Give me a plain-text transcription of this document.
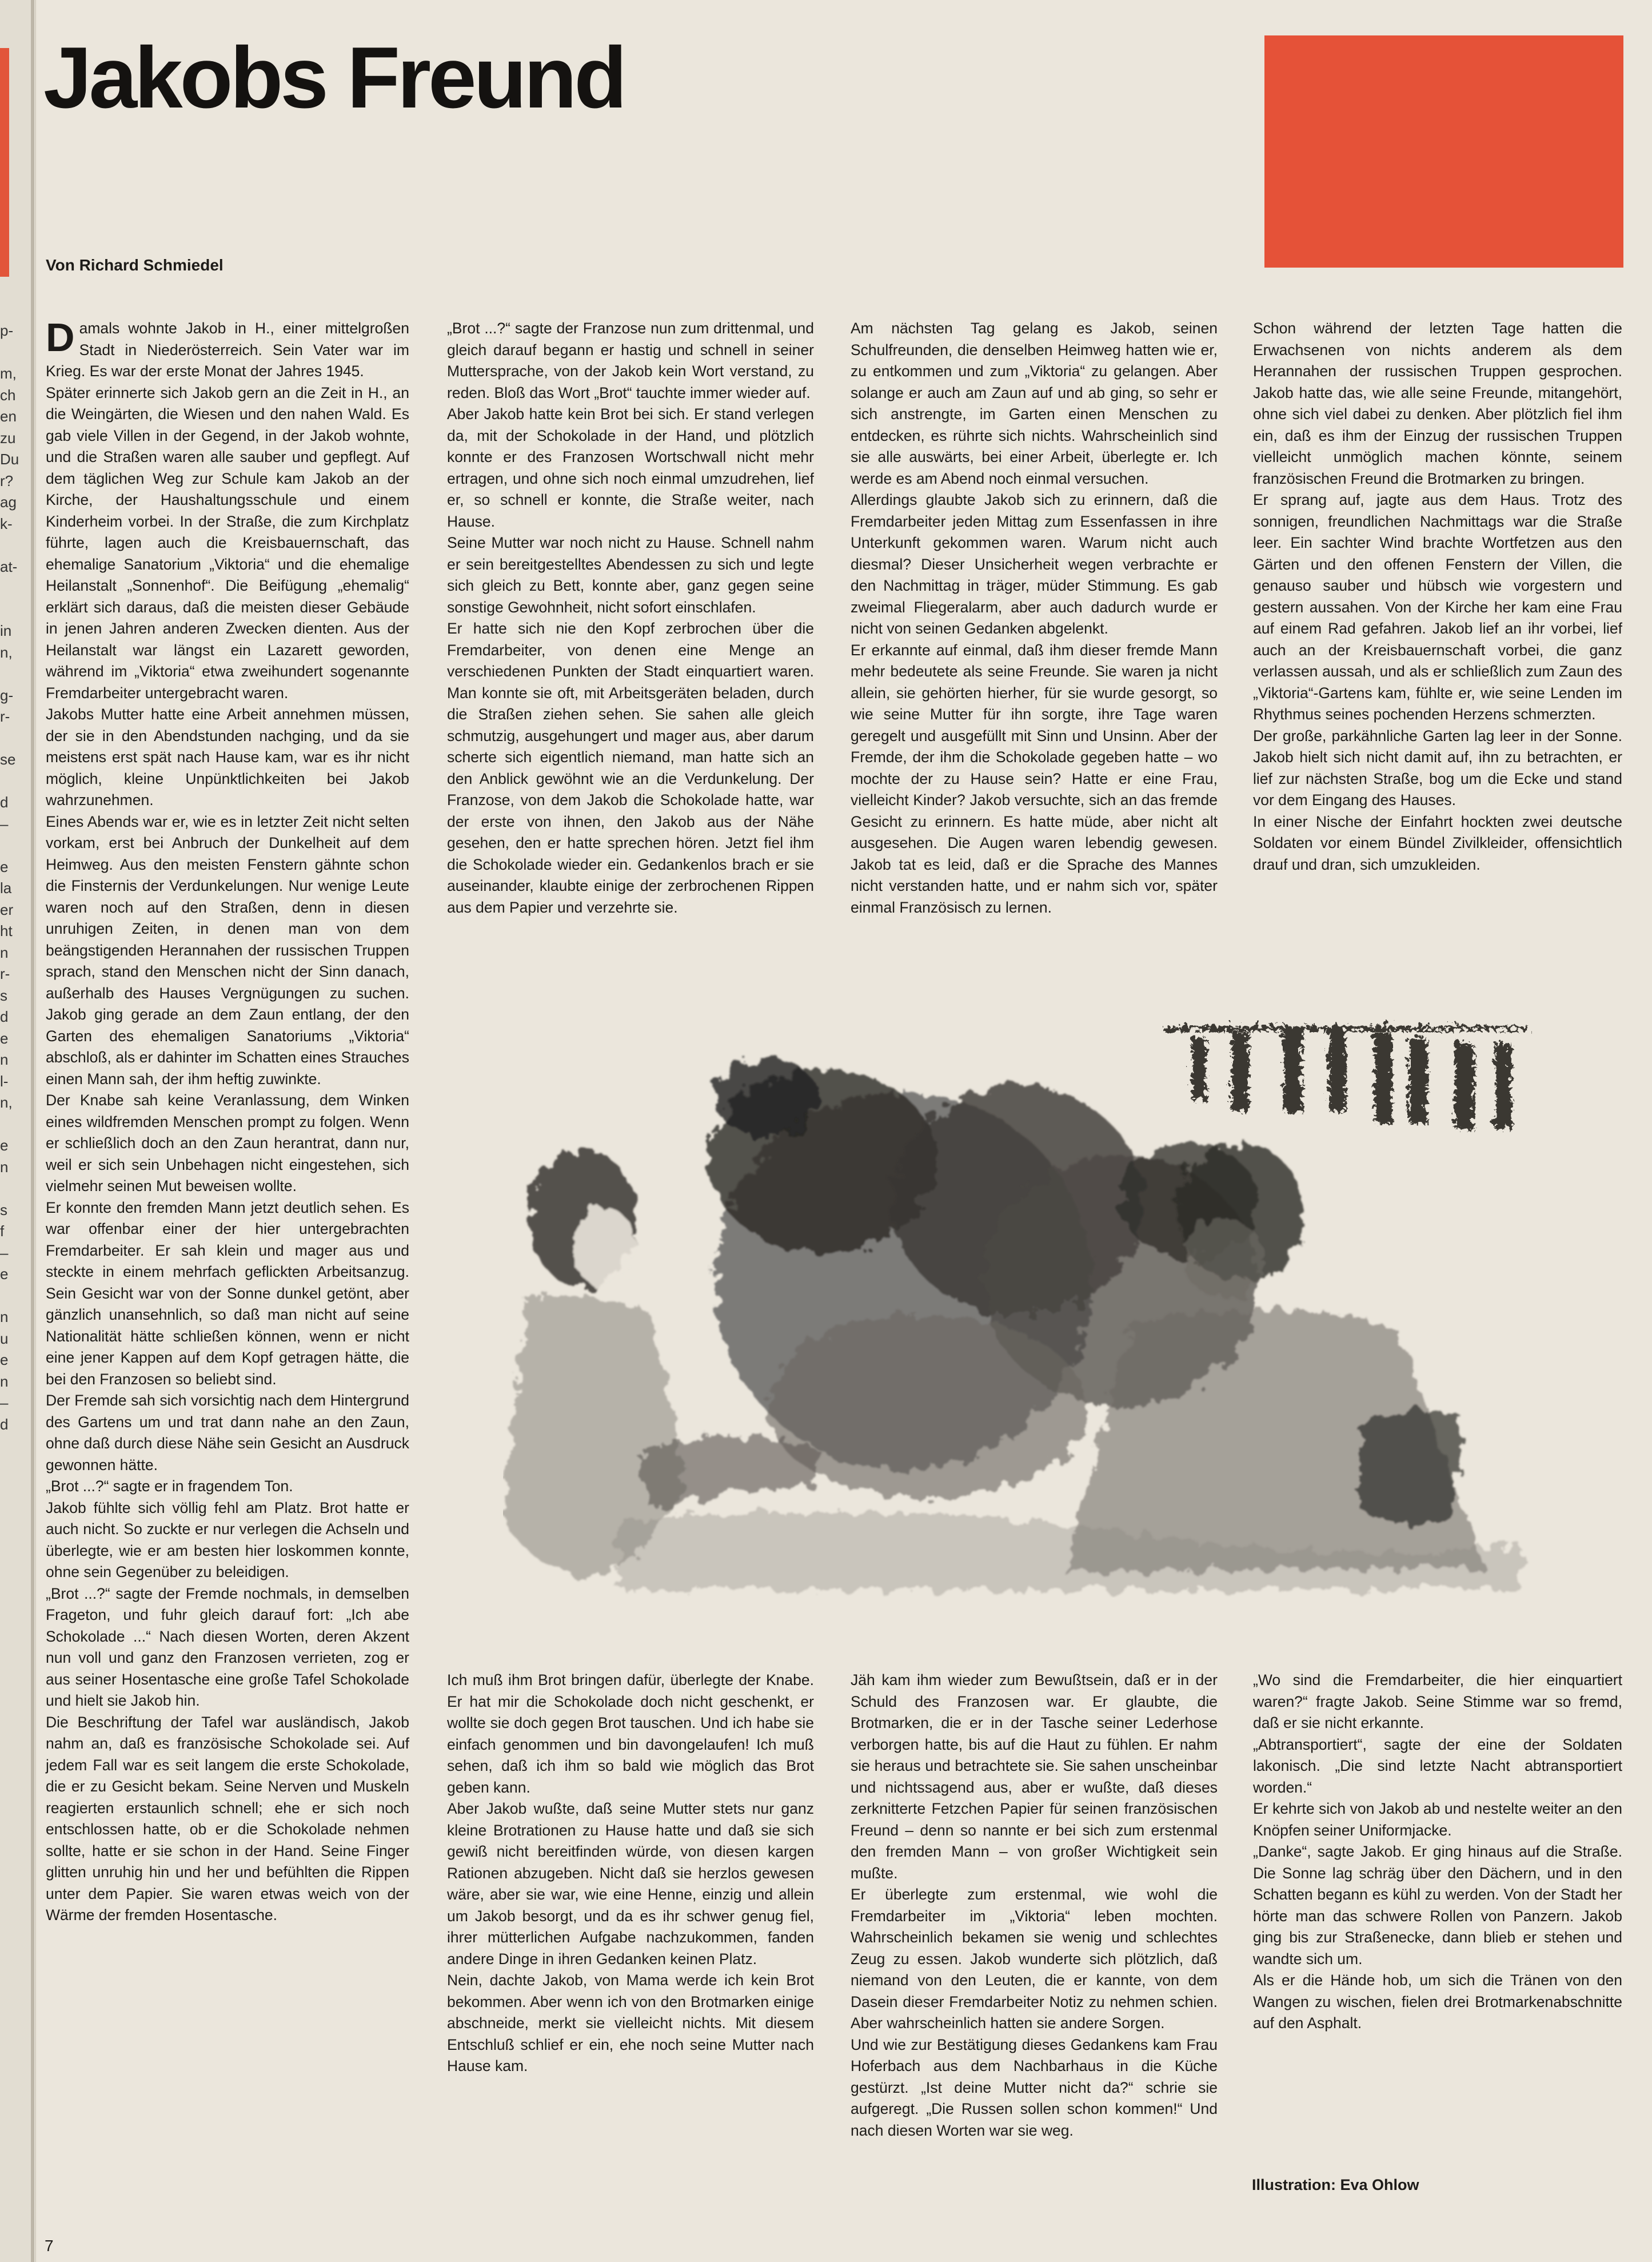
p-

m,
ch
en
zu
Du
r?
ag
k-

at-

in
n,

g-
r-

se

d
–

e
la
er
ht
n
r-
s
d
e
n
l-
n,

e
n

s
f
–
e

n
u
e
n
–
d
Jakobs Freund

Von Richard Schmiedel

Damals wohnte Jakob in H., einer mittelgroßen Stadt in Niederösterreich. Sein Vater war im Krieg. Es war der erste Monat der Jahres 1945.

Später erinnerte sich Jakob gern an die Zeit in H., an die Weingärten, die Wiesen und den nahen Wald. Es gab viele Villen in der Gegend, in der Jakob wohnte, und die Straßen waren alle sauber und gepflegt. Auf dem täglichen Weg zur Schule kam Jakob an der Kirche, der Haushaltungsschule und einem Kinderheim vorbei. In der Straße, die zum Kirchplatz führte, lagen auch die Kreisbauernschaft, das ehemalige Sanatorium „Viktoria“ und die ehemalige Heilanstalt „Sonnenhof“. Die Beifügung „ehemalig“ erklärt sich daraus, daß die meisten dieser Gebäude in jenen Jahren anderen Zwecken dienten. Aus der Heilanstalt war längst ein Lazarett geworden, während im „Viktoria“ etwa zweihundert sogenannte Fremdarbeiter untergebracht waren.

Jakobs Mutter hatte eine Arbeit annehmen müssen, der sie in den Abendstunden nachging, und da sie meistens erst spät nach Hause kam, war es ihr nicht möglich, kleine Unpünktlichkeiten bei Jakob wahrzunehmen.

Eines Abends war er, wie es in letzter Zeit nicht selten vorkam, erst bei Anbruch der Dunkelheit auf dem Heimweg. Aus den meisten Fenstern gähnte schon die Finsternis der Verdunkelungen. Nur wenige Leute waren noch auf den Straßen, denn in diesen unruhigen Zeiten, in denen man von dem beängstigenden Herannahen der russischen Truppen sprach, stand den Menschen nicht der Sinn danach, außerhalb des Hauses Vergnügungen zu suchen. Jakob ging gerade an dem Zaun entlang, der den Garten des ehemaligen Sanatoriums „Viktoria“ abschloß, als er dahinter im Schatten eines Strauches einen Mann sah, der ihm heftig zuwinkte.

Der Knabe sah keine Veranlassung, dem Winken eines wildfremden Menschen prompt zu folgen. Wenn er schließlich doch an den Zaun herantrat, dann nur, weil er sich sein Unbehagen nicht eingestehen, sich vielmehr seinen Mut beweisen wollte.

Er konnte den fremden Mann jetzt deutlich sehen. Es war offenbar einer der hier untergebrachten Fremdarbeiter. Er sah klein und mager aus und steckte in einem mehrfach geflickten Arbeitsanzug. Sein Gesicht war von der Sonne dunkel getönt, aber gänzlich unansehnlich, so daß man nicht auf seine Nationalität hätte schließen können, wenn er nicht eine jener Kappen auf dem Kopf getragen hätte, die bei den Franzosen so beliebt sind.

Der Fremde sah sich vorsichtig nach dem Hintergrund des Gartens um und trat dann nahe an den Zaun, ohne daß durch diese Nähe sein Gesicht an Ausdruck gewonnen hätte.

„Brot ...?“ sagte er in fragendem Ton.

Jakob fühlte sich völlig fehl am Platz. Brot hatte er auch nicht. So zuckte er nur verlegen die Achseln und überlegte, wie er am besten hier loskommen konnte, ohne sein Gegenüber zu beleidigen.

„Brot ...?“ sagte der Fremde nochmals, in demselben Frageton, und fuhr gleich darauf fort: „Ich abe Schokolade ...“ Nach diesen Worten, deren Akzent nun voll und ganz den Franzosen verrieten, zog er aus seiner Hosentasche eine große Tafel Schokolade und hielt sie Jakob hin.

Die Beschriftung der Tafel war ausländisch, Jakob nahm an, daß es französische Schokolade sei. Auf jedem Fall war es seit langem die erste Schokolade, die er zu Gesicht bekam. Seine Nerven und Muskeln reagierten erstaunlich schnell; ehe er sich noch entschlossen hatte, ob er die Schokolade nehmen sollte, hatte er sie schon in der Hand. Seine Finger glitten unruhig hin und her und befühlten die Rippen unter dem Papier. Sie waren etwas weich von der Wärme der fremden Hosentasche.

„Brot ...?“ sagte der Franzose nun zum drittenmal, und gleich darauf begann er hastig und schnell in seiner Muttersprache, von der Jakob kein Wort verstand, zu reden. Bloß das Wort „Brot“ tauchte immer wieder auf.

Aber Jakob hatte kein Brot bei sich. Er stand verlegen da, mit der Schokolade in der Hand, und plötzlich konnte er des Franzosen Wortschwall nicht mehr ertragen, und ohne sich noch einmal umzudrehen, lief er, so schnell er konnte, die Straße weiter, nach Hause.

Seine Mutter war noch nicht zu Hause. Schnell nahm er sein bereitgestelltes Abendessen zu sich und legte sich gleich zu Bett, konnte aber, ganz gegen seine sonstige Gewohnheit, nicht sofort einschlafen.

Er hatte sich nie den Kopf zerbrochen über die Fremdarbeiter, von denen eine Menge an verschiedenen Punkten der Stadt einquartiert waren. Man konnte sie oft, mit Arbeitsgeräten beladen, durch die Straßen ziehen sehen. Sie sahen alle gleich schmutzig, ausgehungert und mager aus, aber darum scherte sich eigentlich niemand, man hatte sich an den Anblick gewöhnt wie an die Verdunkelung. Der Franzose, von dem Jakob die Schokolade hatte, war der erste von ihnen, den Jakob aus der Nähe gesehen, den er hatte sprechen hören. Jetzt fiel ihm die Schokolade wieder ein. Gedankenlos brach er sie auseinander, klaubte einige der zerbrochenen Rippen aus dem Papier und verzehrte sie.

Am nächsten Tag gelang es Jakob, seinen Schulfreunden, die denselben Heimweg hatten wie er, zu entkommen und zum „Viktoria“ zu gelangen. Aber solange er auch am Zaun auf und ab ging, so sehr er sich anstrengte, im Garten einen Menschen zu entdecken, es rührte sich nichts. Wahrscheinlich sind sie alle auswärts, bei einer Arbeit, überlegte er. Ich werde es am Abend noch einmal versuchen.

Allerdings glaubte Jakob sich zu erinnern, daß die Fremdarbeiter jeden Mittag zum Essenfassen in ihre Unterkunft gekommen waren. Warum nicht auch diesmal? Dieser Unsicherheit wegen verbrachte er den Nachmittag in träger, müder Stimmung. Es gab zweimal Fliegeralarm, aber auch dadurch wurde er nicht von seinen Gedanken abgelenkt.

Er erkannte auf einmal, daß ihm dieser fremde Mann mehr bedeutete als seine Freunde. Sie waren ja nicht allein, sie gehörten hierher, für sie wurde gesorgt, so wie seine Mutter für ihn sorgte, ihre Tage waren geregelt und ausgefüllt mit Sinn und Unsinn. Aber der Fremde, der ihm die Schokolade gegeben hatte – wo mochte der zu Hause sein? Hatte er eine Frau, vielleicht Kinder? Jakob versuchte, sich an das fremde Gesicht zu erinnern. Es hatte müde, aber nicht alt ausgesehen. Die Augen waren lebendig gewesen. Jakob tat es leid, daß er die Sprache des Mannes nicht verstanden hatte, und er nahm sich vor, später einmal Französisch zu lernen.

Schon während der letzten Tage hatten die Erwachsenen von nichts anderem als dem Herannahen der russischen Truppen gesprochen. Jakob hatte das, wie alle seine Freunde, mitangehört, ohne sich viel dabei zu denken. Aber plötzlich fiel ihm ein, daß es ihm der Einzug der russischen Truppen vielleicht unmöglich machen könnte, seinem französischen Freund die Brotmarken zu bringen.

Er sprang auf, jagte aus dem Haus. Trotz des sonnigen, freundlichen Nachmittags war die Straße leer. Ein sachter Wind brachte Wortfetzen aus den Gärten und den offenen Fenstern der Villen, die genauso sauber und hübsch wie vorgestern und gestern aussahen. Von der Kirche her kam eine Frau auf einem Rad gefahren. Jakob lief an ihr vorbei, lief auch an der Kreisbauernschaft vorbei, die ganz verlassen aussah, und als er schließlich zum Zaun des „Viktoria“-Gartens kam, fühlte er, wie seine Lenden im Rhythmus seines pochenden Herzens schmerzten.

Der große, parkähnliche Garten lag leer in der Sonne. Jakob hielt sich nicht damit auf, ihn zu betrachten, er lief zur nächsten Straße, bog um die Ecke und stand vor dem Eingang des Hauses.

In einer Nische der Einfahrt hockten zwei deutsche Soldaten vor einem Bündel Zivilkleider, offensichtlich drauf und dran, sich umzukleiden.

Ich muß ihm Brot bringen dafür, überlegte der Knabe. Er hat mir die Schokolade doch nicht geschenkt, er wollte sie doch gegen Brot tauschen. Und ich habe sie einfach genommen und bin davongelaufen! Ich muß sehen, daß ich ihm so bald wie möglich das Brot geben kann.

Aber Jakob wußte, daß seine Mutter stets nur ganz kleine Brotrationen zu Hause hatte und daß sie sich gewiß nicht bereitfinden würde, von diesen kargen Rationen abzugeben. Nicht daß sie herzlos gewesen wäre, aber sie war, wie eine Henne, einzig und allein um Jakob besorgt, und da es ihr schwer genug fiel, ihrer mütterlichen Aufgabe nachzukommen, fanden andere Dinge in ihren Gedanken keinen Platz.

Nein, dachte Jakob, von Mama werde ich kein Brot bekommen. Aber wenn ich von den Brotmarken einige abschneide, merkt sie vielleicht nichts. Mit diesem Entschluß schlief er ein, ehe noch seine Mutter nach Hause kam.

Jäh kam ihm wieder zum Bewußtsein, daß er in der Schuld des Franzosen war. Er glaubte, die Brotmarken, die er in der Tasche seiner Lederhose verborgen hatte, bis auf die Haut zu fühlen. Er nahm sie heraus und betrachtete sie. Sie sahen unscheinbar und nichtssagend aus, aber er wußte, daß dieses zerknitterte Fetzchen Papier für seinen französischen Freund – denn so nannte er bei sich zum erstenmal den fremden Mann – von großer Wichtigkeit sein mußte.

Er überlegte zum erstenmal, wie wohl die Fremdarbeiter im „Viktoria“ leben mochten. Wahrscheinlich bekamen sie wenig und schlechtes Zeug zu essen. Jakob wunderte sich plötzlich, daß niemand von den Leuten, die er kannte, von dem Dasein dieser Fremdarbeiter Notiz zu nehmen schien. Aber wahrscheinlich hatten sie andere Sorgen.

Und wie zur Bestätigung dieses Gedankens kam Frau Hoferbach aus dem Nachbarhaus in die Küche gestürzt. „Ist deine Mutter nicht da?“ schrie sie aufgeregt. „Die Russen sollen schon kommen!“ Und nach diesen Worten war sie weg.

„Wo sind die Fremdarbeiter, die hier einquartiert waren?“ fragte Jakob. Seine Stimme war so fremd, daß er sie nicht erkannte.

„Abtransportiert“, sagte der eine der Soldaten lakonisch. „Die sind letzte Nacht abtransportiert worden.“

Er kehrte sich von Jakob ab und nestelte weiter an den Knöpfen seiner Uniformjacke.

„Danke“, sagte Jakob. Er ging hinaus auf die Straße. Die Sonne lag schräg über den Dächern, und in den Schatten begann es kühl zu werden. Von der Stadt her hörte man das schwere Rollen von Panzern. Jakob ging bis zur Straßenecke, dann blieb er stehen und wandte sich um.

Als er die Hände hob, um sich die Tränen von den Wangen zu wischen, fielen drei Brotmarkenabschnitte auf den Asphalt.

Illustration: Eva Ohlow

7
